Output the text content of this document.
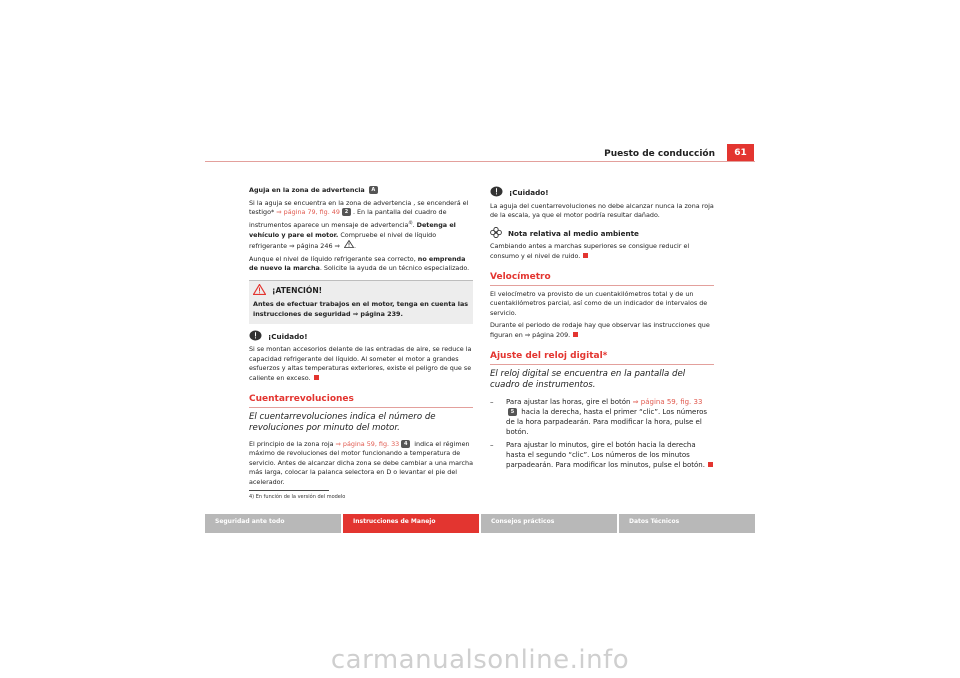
Puesto de conducción	61

Aguja en la zona de advertencia A

Si la aguja se encuentra en la zona de advertencia , se encenderá el testigo* ⇒ página 79, fig. 49 2 . En la pantalla del cuadro de instrumentos aparece un mensaje de advertencia$^{4)}$. Detenga el vehículo y pare el motor. Compruebe el nivel de líquido refrigerante ⇒ página 246 ⇒ .

Aunque el nivel de líquido refrigerante sea correcto, no emprenda de nuevo la marcha. Solicite la ayuda de un técnico especializado.

¡ATENCIÓN!
Antes de efectuar trabajos en el motor, tenga en cuenta las instrucciones de seguridad ⇒ página 239.
¡Cuidado!

Si se montan accesorios delante de las entradas de aire, se reduce la capacidad refrigerante del líquido. Al someter el motor a grandes esfuerzos y altas temperaturas exteriores, existe el peligro de que se caliente en exceso.

Cuentarrevoluciones

El cuentarrevoluciones indica el número de revoluciones por minuto del motor.

El principio de la zona roja ⇒ página 59, fig. 33 4 indica el régimen máximo de revoluciones del motor funcionando a temperatura de servicio. Antes de alcanzar dicha zona se debe cambiar a una marcha más larga, colocar la palanca selectora en D o levantar el pie del acelerador.

4) En función de la versión del modelo
¡Cuidado!

La aguja del cuentarrevoluciones no debe alcanzar nunca la zona roja de la escala, ya que el motor podría resultar dañado.

Nota relativa al medio ambiente

Cambiando antes a marchas superiores se consigue reducir el consumo y el nivel de ruido.

Velocímetro

El velocímetro va provisto de un cuentakilómetros total y de un cuentakilómetros parcial, así como de un indicador de intervalos de servicio.

Durante el periodo de rodaje hay que observar las instrucciones que figuran en ⇒ página 209.

Ajuste del reloj digital*

El reloj digital se encuentra en la pantalla del cuadro de instrumentos.

–	Para ajustar las horas, gire el botón ⇒ página 59, fig. 335 hacia la derecha, hasta el primer “clic”. Los números de la hora parpadearán. Para modificar la hora, pulse el botón.
–	Para ajustar lo minutos, gire el botón hacia la derecha hasta el segundo “clic”. Los números de los minutos parpadearán. Para modificar los minutos, pulse el botón.
Seguridad ante todo	Instrucciones de Manejo	Consejos prácticos	Datos Técnicos
carmanualsonline.info
